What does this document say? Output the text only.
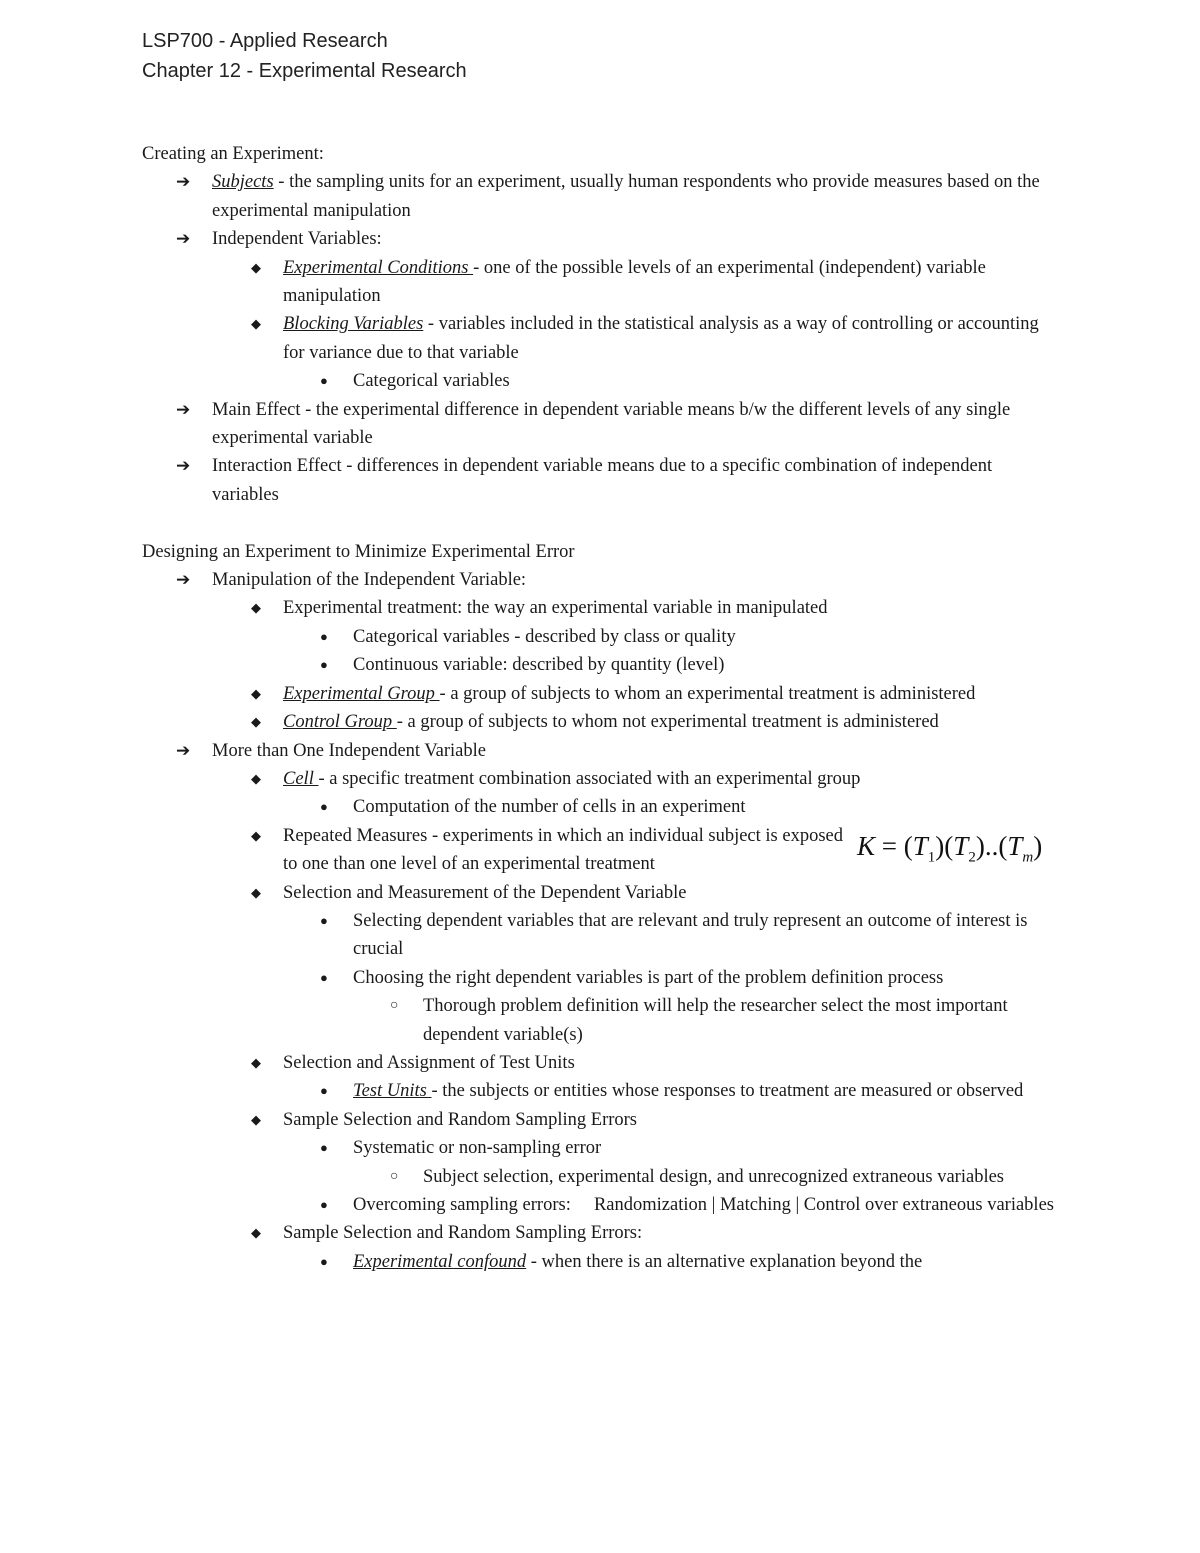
LSP700 - Applied Research
Chapter 12 - Experimental Research
Creating an Experiment:
➔ Subjects - the sampling units for an experiment, usually human respondents who provide measures based on the experimental manipulation
➔ Independent Variables:
◆ Experimental Conditions - one of the possible levels of an experimental (independent) variable manipulation
◆ Blocking Variables - variables included in the statistical analysis as a way of controlling or accounting for variance due to that variable
● Categorical variables
➔ Main Effect - the experimental difference in dependent variable means b/w the different levels of any single experimental variable
➔ Interaction Effect - differences in dependent variable means due to a specific combination of independent variables
Designing an Experiment to Minimize Experimental Error
➔ Manipulation of the Independent Variable:
◆ Experimental treatment: the way an experimental variable in manipulated
● Categorical variables - described by class or quality
● Continuous variable: described by quantity (level)
◆ Experimental Group - a group of subjects to whom an experimental treatment is administered
◆ Control Group - a group of subjects to whom not experimental treatment is administered
➔ More than One Independent Variable
◆ Cell - a specific treatment combination associated with an experimental group
● Computation of the number of cells in an experiment
◆ Repeated Measures - experiments in which an individual subject is exposed to one than one level of an experimental treatment
◆ Selection and Measurement of the Dependent Variable
● Selecting dependent variables that are relevant and truly represent an outcome of interest is crucial
● Choosing the right dependent variables is part of the problem definition process
○ Thorough problem definition will help the researcher select the most important dependent variable(s)
◆ Selection and Assignment of Test Units
● Test Units - the subjects or entities whose responses to treatment are measured or observed
◆ Sample Selection and Random Sampling Errors
● Systematic or non-sampling error
○ Subject selection, experimental design, and unrecognized extraneous variables
● Overcoming sampling errors:     Randomization | Matching | Control over extraneous variables
◆ Sample Selection and Random Sampling Errors:
● Experimental confound - when there is an alternative explanation beyond the
$K = (T_1)(T_2)..(T_m)$
